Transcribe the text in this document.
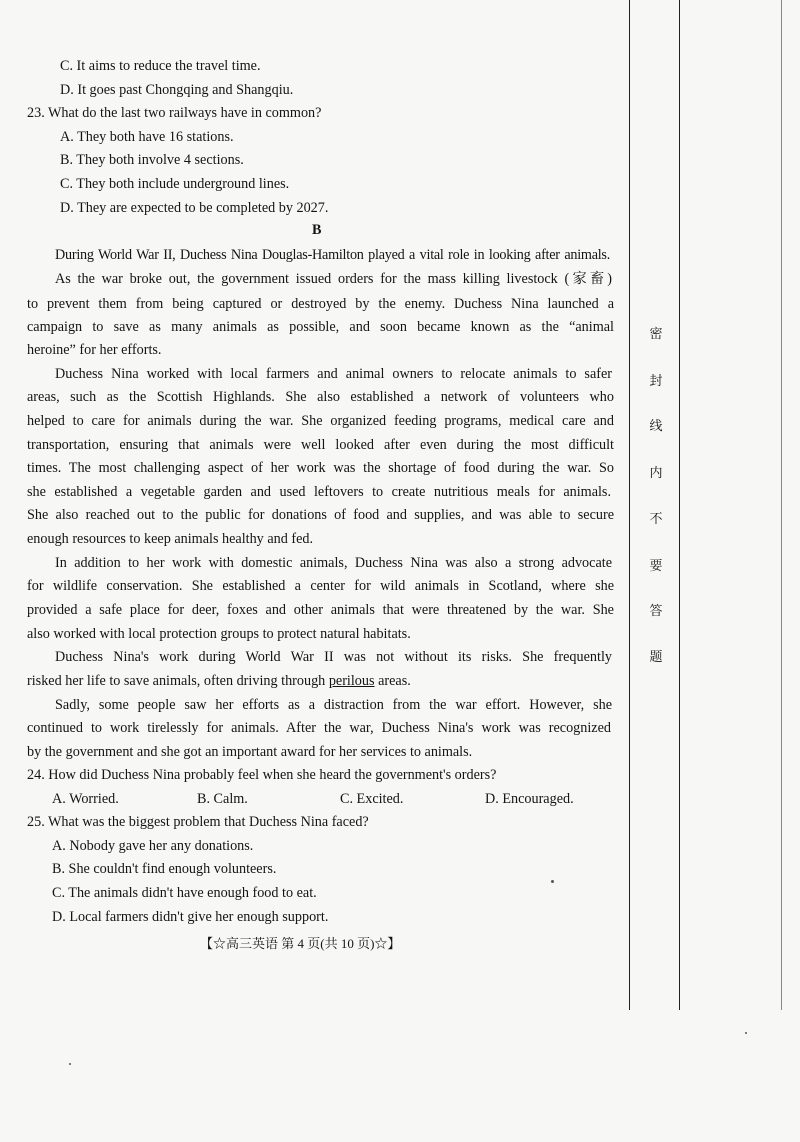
C. It aims to reduce the travel time.
D. It goes past Chongqing and Shangqiu.
23. What do the last two railways have in common?
A. They both have 16 stations.
B. They both involve 4 sections.
C. They both include underground lines.
D. They are expected to be completed by 2027.
B
During World War II, Duchess Nina Douglas-Hamilton played a vital role in looking after animals.
As the war broke out, the government issued orders for the mass killing livestock (家畜)
to prevent them from being captured or destroyed by the enemy. Duchess Nina launched a
campaign to save as many animals as possible, and soon became known as the “animal
heroine” for her efforts.
Duchess Nina worked with local farmers and animal owners to relocate animals to safer
areas, such as the Scottish Highlands. She also established a network of volunteers who
helped to care for animals during the war. She organized feeding programs, medical care and
transportation, ensuring that animals were well looked after even during the most difficult
times. The most challenging aspect of her work was the shortage of food during the war. So
she established a vegetable garden and used leftovers to create nutritious meals for animals.
She also reached out to the public for donations of food and supplies, and was able to secure
enough resources to keep animals healthy and fed.
In addition to her work with domestic animals, Duchess Nina was also a strong advocate
for wildlife conservation. She established a center for wild animals in Scotland, where she
provided a safe place for deer, foxes and other animals that were threatened by the war. She
also worked with local protection groups to protect natural habitats.
Duchess Nina's work during World War II was not without its risks. She frequently
risked her life to save animals, often driving through perilous areas.
Sadly, some people saw her efforts as a distraction from the war effort. However, she
continued to work tirelessly for animals. After the war, Duchess Nina's work was recognized
by the government and she got an important award for her services to animals.
24. How did Duchess Nina probably feel when she heard the government's orders?
A. Worried.	B. Calm.	C. Excited.	D. Encouraged.
25. What was the biggest problem that Duchess Nina faced?
A. Nobody gave her any donations.
B. She couldn't find enough volunteers.
C. The animals didn't have enough food to eat.
D. Local farmers didn't give her enough support.
【☆高三英语 第 4 页(共 10 页)☆】
密
封
线
内
不
要
答
题
